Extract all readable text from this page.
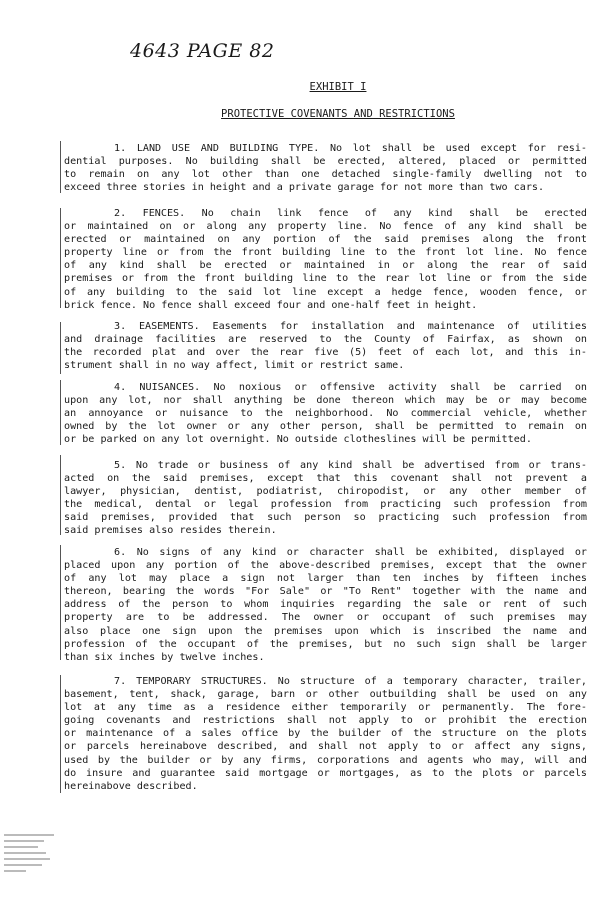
4643 PAGE 82
EXHIBIT I
PROTECTIVE COVENANTS AND RESTRICTIONS
1. LAND USE AND BUILDING TYPE. No lot shall be used except for resi-
dential purposes. No building shall be erected, altered, placed or permitted
to remain on any lot other than one detached single-family dwelling not to
exceed three stories in height and a private garage for not more than two cars.
2. FENCES. No chain link fence of any kind shall be erected
or maintained on or along any property line. No fence of any kind shall be
erected or maintained on any portion of the said premises along the front
property line or from the front building line to the front lot line. No fence
of any kind shall be erected or maintained in or along the rear of said
premises or from the front building line to the rear lot line or from the side
of any building to the said lot line except a hedge fence, wooden fence, or
brick fence. No fence shall exceed four and one-half feet in height.
3. EASEMENTS. Easements for installation and maintenance of utilities
and drainage facilities are reserved to the County of Fairfax, as shown on
the recorded plat and over the rear five (5) feet of each lot, and this in-
strument shall in no way affect, limit or restrict same.
4. NUISANCES. No noxious or offensive activity shall be carried on
upon any lot, nor shall anything be done thereon which may be or may become
an annoyance or nuisance to the neighborhood. No commercial vehicle, whether
owned by the lot owner or any other person, shall be permitted to remain on
or be parked on any lot overnight. No outside clotheslines will be permitted.
5. No trade or business of any kind shall be advertised from or trans-
acted on the said premises, except that this covenant shall not prevent a
lawyer, physician, dentist, podiatrist, chiropodist, or any other member of
the medical, dental or legal profession from practicing such profession from
said premises, provided that such person so practicing such profession from
said premises also resides therein.
6. No signs of any kind or character shall be exhibited, displayed or
placed upon any portion of the above-described premises, except that the owner
of any lot may place a sign not larger than ten inches by fifteen inches
thereon, bearing the words "For Sale" or "To Rent" together with the name and
address of the person to whom inquiries regarding the sale or rent of such
property are to be addressed. The owner or occupant of such premises may
also place one sign upon the premises upon which is inscribed the name and
profession of the occupant of the premises, but no such sign shall be larger
than six inches by twelve inches.
7. TEMPORARY STRUCTURES. No structure of a temporary character, trailer,
basement, tent, shack, garage, barn or other outbuilding shall be used on any
lot at any time as a residence either temporarily or permanently. The fore-
going covenants and restrictions shall not apply to or prohibit the erection
or maintenance of a sales office by the builder of the structure on the plots
or parcels hereinabove described, and shall not apply to or affect any signs,
used by the builder or by any firms, corporations and agents who may, will and
do insure and guarantee said mortgage or mortgages, as to the plots or parcels
hereinabove described.
